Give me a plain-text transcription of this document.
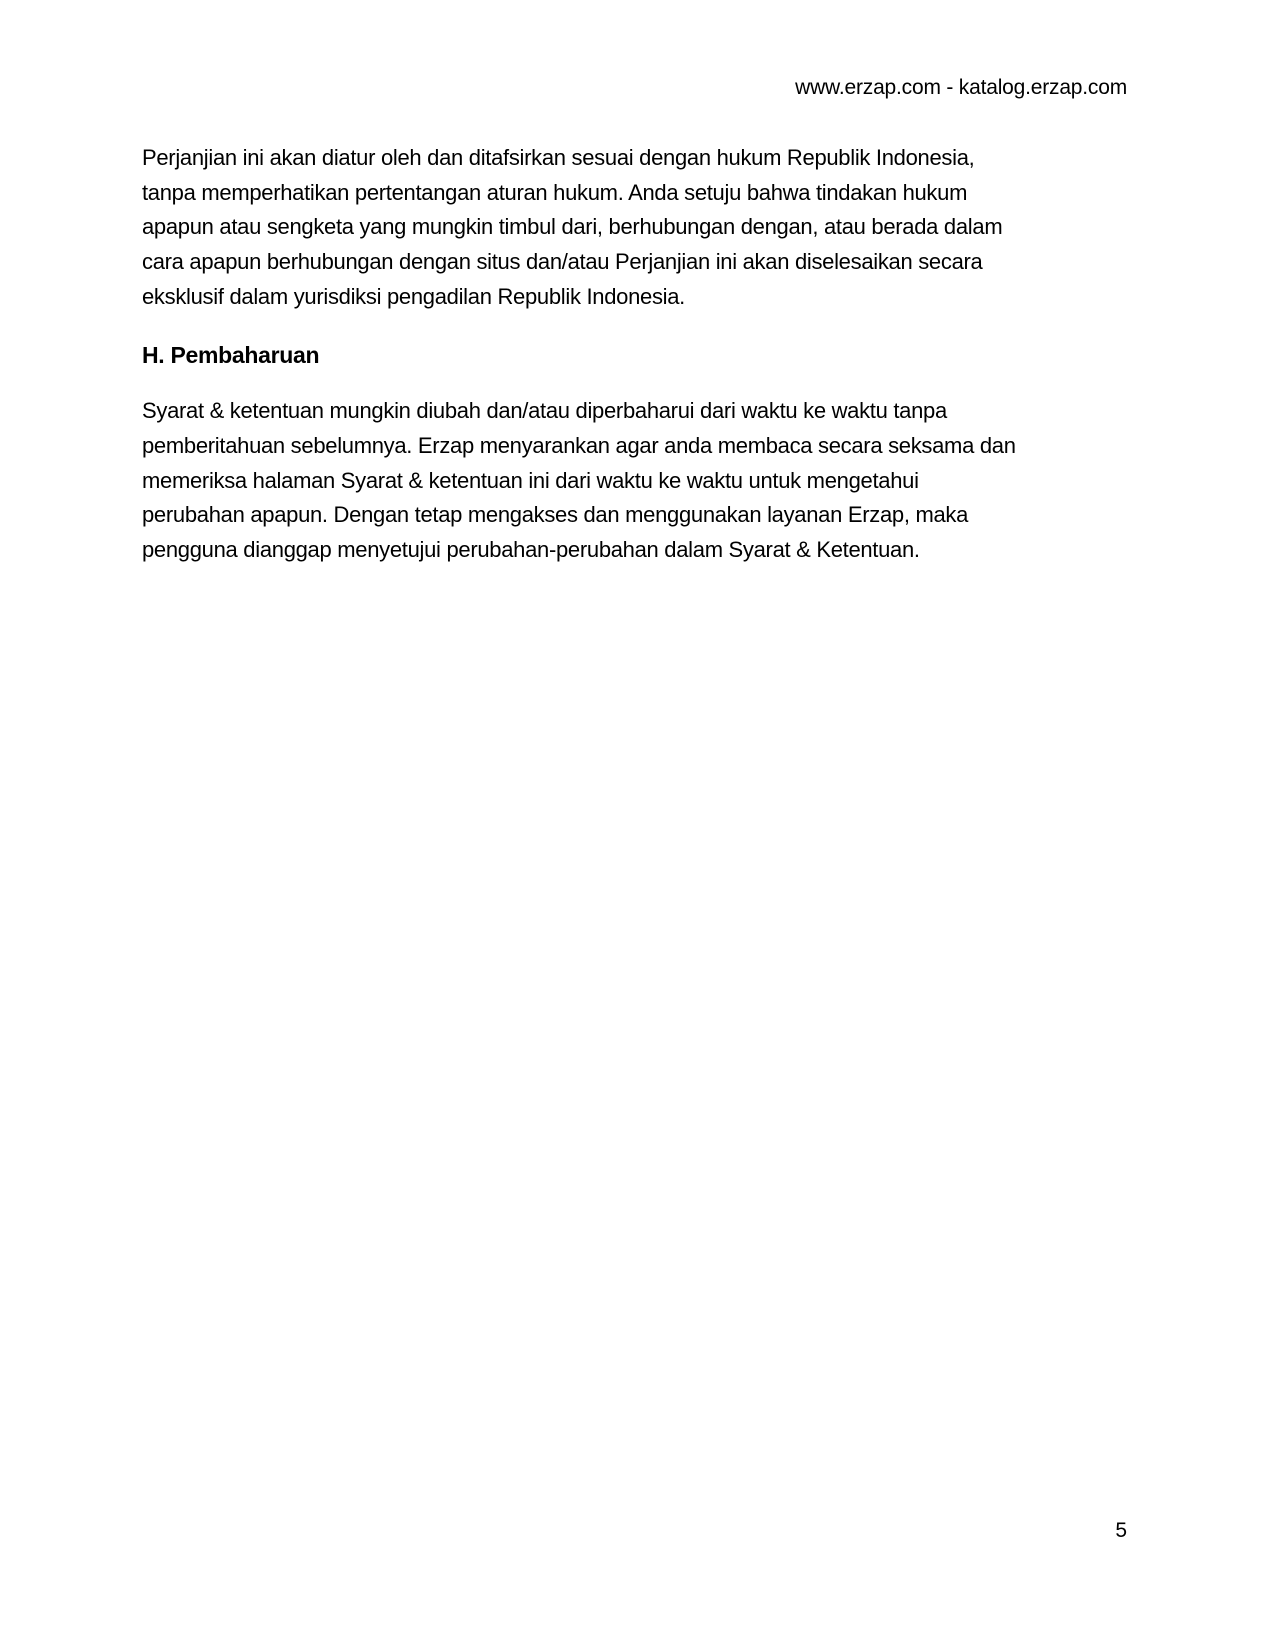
www.erzap.com - katalog.erzap.com
Perjanjian ini akan diatur oleh dan ditafsirkan sesuai dengan hukum Republik Indonesia,
tanpa memperhatikan pertentangan aturan hukum. Anda setuju bahwa tindakan hukum
apapun atau sengketa yang mungkin timbul dari, berhubungan dengan, atau berada dalam
cara apapun berhubungan dengan situs dan/atau Perjanjian ini akan diselesaikan secara
eksklusif dalam yurisdiksi pengadilan Republik Indonesia.
H. Pembaharuan
Syarat & ketentuan mungkin diubah dan/atau diperbaharui dari waktu ke waktu tanpa
pemberitahuan sebelumnya. Erzap menyarankan agar anda membaca secara seksama dan
memeriksa halaman Syarat & ketentuan ini dari waktu ke waktu untuk mengetahui
perubahan apapun. Dengan tetap mengakses dan menggunakan layanan Erzap, maka
pengguna dianggap menyetujui perubahan-perubahan dalam Syarat & Ketentuan.
5
